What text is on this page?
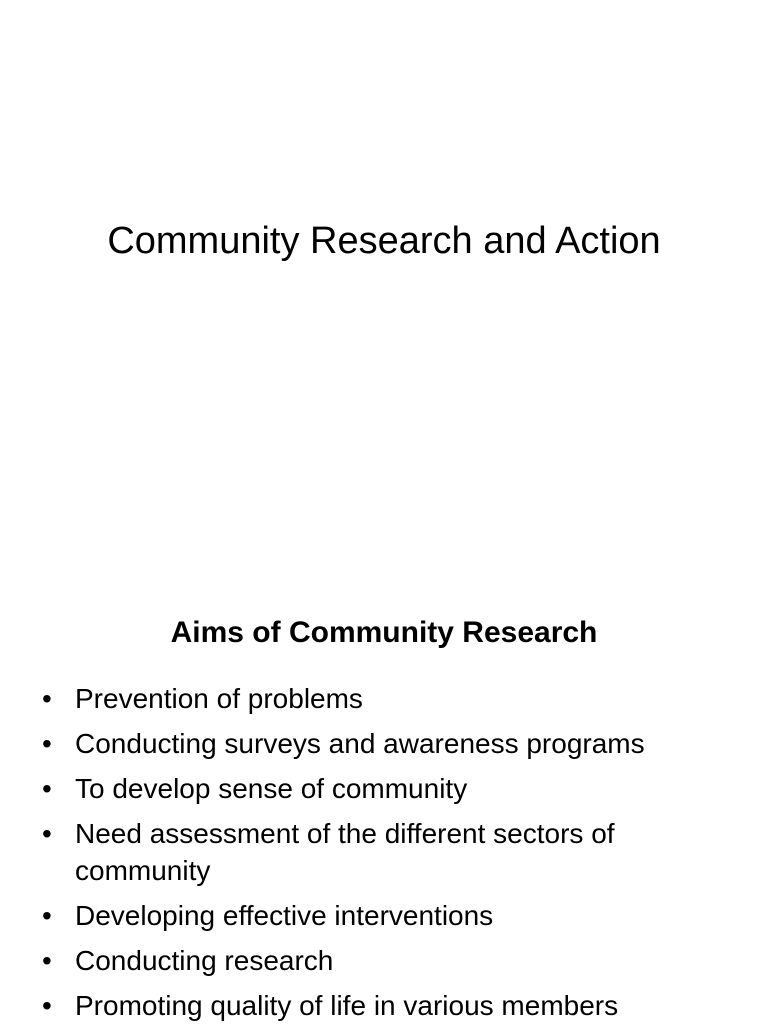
Community Research and Action
Aims of Community Research
• Prevention of problems
• Conducting surveys and awareness programs
• To develop sense of community
• Need assessment of the different sectors of community
• Developing effective interventions
• Conducting research
• Promoting quality of life in various members
